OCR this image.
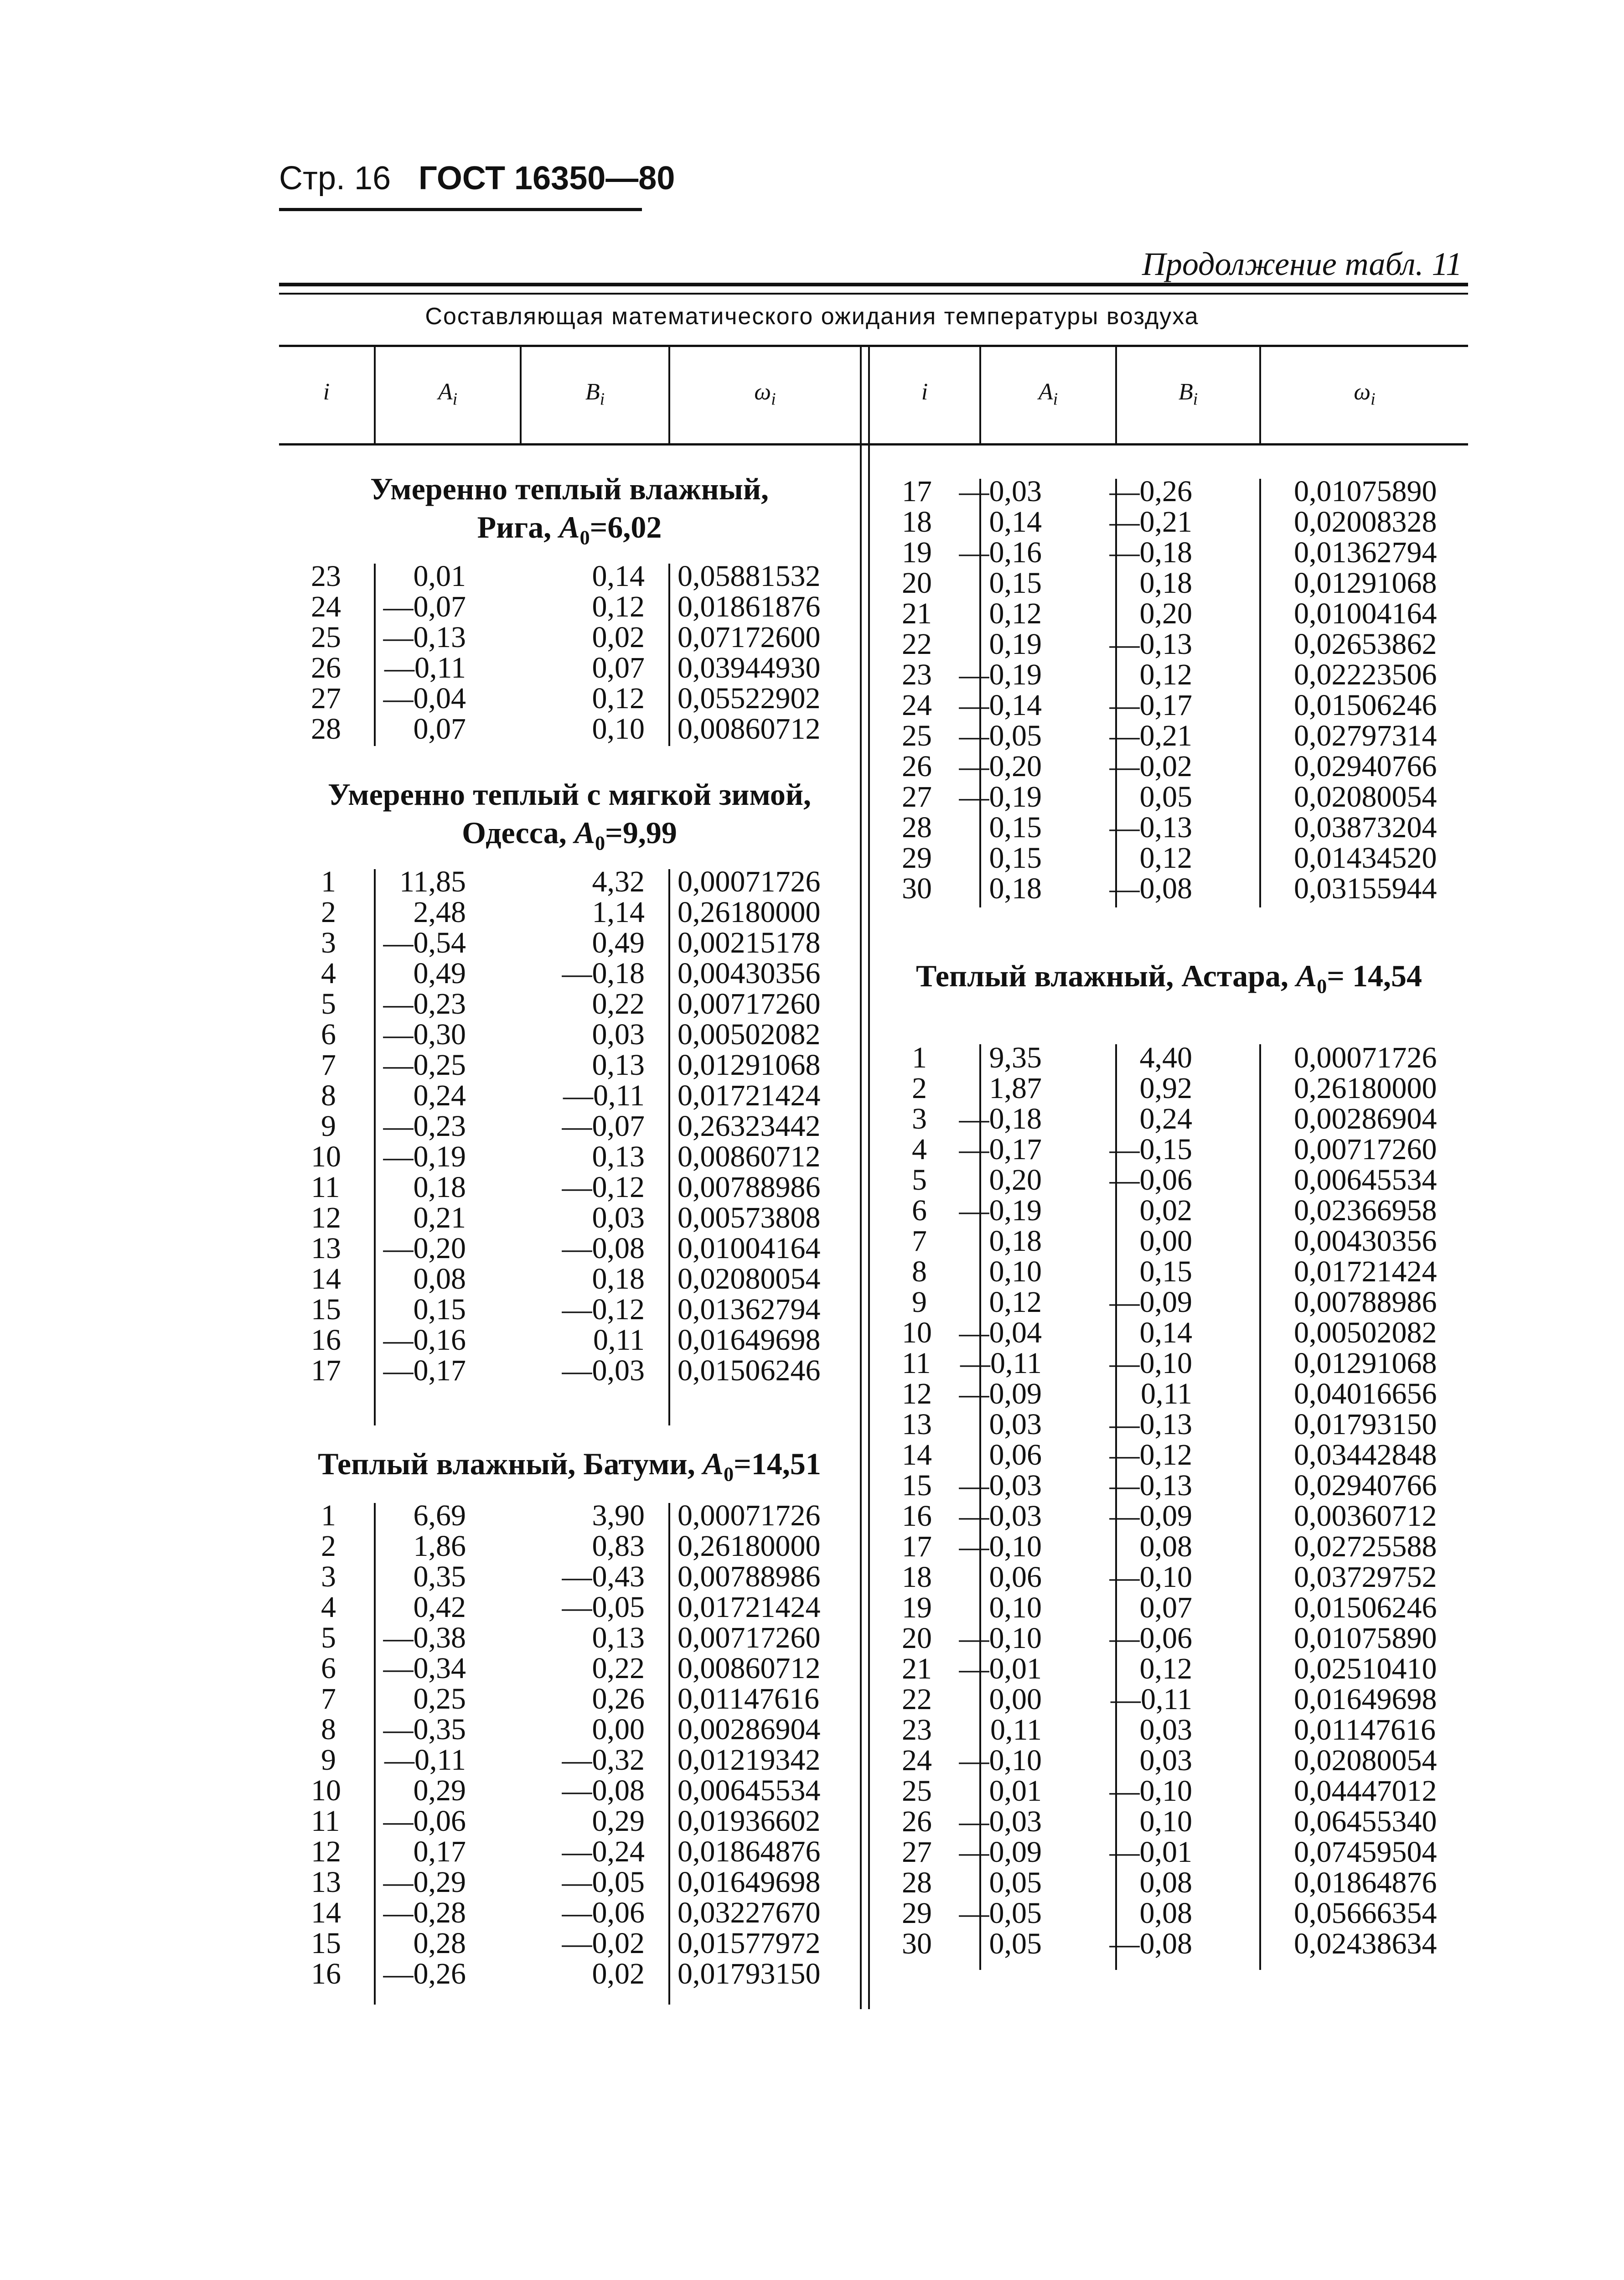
Стр. 16 ГОСТ 16350—80
Продолжение табл. 11
Составляющая математического ожидания температуры воздуха
i	$A_i$	$B_i$	$\omega_i$	i	$A_i$	$B_i$	$\omega_i$
Умеренно теплый влажный,
Рига, $A_0=6,02$
23 0,01	0,14 0,05881532
24 —0,07	0,12 0,01861876
25 —0,13	0,02 0,07172600
26 —0,11	0,07 0,03944930
27 —0,04	0,12 0,05522902
28 0,07	0,10 0,00860712
Умеренно теплый с мягкой зимой,
Одесса, $A_0=9,99$
1 11,85	4,32 0,00071726
2	2,48	1,14 0,26180000
3 —0,54	0,49 0,00215178
4	0,49	—0,18 0,00430356
5 —0,23	0,22 0,00717260
6 —0,30	0,03 0,00502082
7 —0,25	0,13 0,01291068
8	0,24	—0,11 0,01721424
9 —0,23	—0,07 0,26323442
10 —0,19	0,13 0,00860712
11 0,18	—0,12 0,00788986
12 0,21	0,03 0,00573808
13 —0,20	—0,08 0,01004164
14 0,08	0,18 0,02080054
15 0,15	—0,12 0,01362794
16 —0,16	0,11 0,01649698
17 —0,17	—0,03 0,01506246
Теплый влажный, Батуми, $A_0=14,51$
1	6,69	3,90 0,00071726
2	1,86	0,83 0,26180000
3	0,35	—0,43 0,00788986
4	0,42	—0,05 0,01721424
5 —0,38	0,13 0,00717260
6 —0,34	0,22 0,00860712
7	0,25	0,26 0,01147616
8 —0,35	0,00 0,00286904
9 —0,11	—0,32 0,01219342
10 0,29	—0,08 0,00645534
11 —0,06	0,29 0,01936602
12 0,17	—0,24 0,01864876
13 —0,29	—0,05 0,01649698
14 —0,28	—0,06 0,03227670
15 0,28	—0,02 0,01577972
16 —0,26	0,02 0,01793150
17 —0,03 —0,26	0,01075890
18 0,14 —0,21	0,02008328
19 —0,16 —0,18	0,01362794
20 0,15	0,18	0,01291068
21 0,12	0,20	0,01004164
22 0,19 —0,13	0,02653862
23 —0,19	0,12	0,02223506
24 —0,14 —0,17	0,01506246
25 —0,05 —0,21	0,02797314
26 —0,20 —0,02	0,02940766
27 —0,19	0,05	0,02080054
28 0,15 —0,13	0,03873204
29 0,15	0,12	0,01434520
30 0,18 —0,08	0,03155944
Теплый влажный, Астара, $A_0= 14,54$
1 9,35	4,40	0,00071726
2 1,87	0,92	0,26180000
3 —0,18	0,24	0,00286904
4 —0,17 —0,15	0,00717260
5 0,20 —0,06	0,00645534
6 —0,19	0,02	0,02366958
7 0,18	0,00	0,00430356
8 0,10	0,15	0,01721424
9 0,12 —0,09	0,00788986
10 —0,04	0,14	0,00502082
11 —0,11 —0,10	0,01291068
12 —0,09	0,11	0,04016656
13 0,03 —0,13	0,01793150
14 0,06 —0,12	0,03442848
15 —0,03 —0,13	0,02940766
16 —0,03 —0,09	0,00360712
17 —0,10	0,08	0,02725588
18 0,06 —0,10	0,03729752
19 0,10	0,07	0,01506246
20 —0,10 —0,06	0,01075890
21 —0,01	0,12	0,02510410
22 0,00 —0,11	0,01649698
23 0,11	0,03	0,01147616
24 —0,10	0,03	0,02080054
25 0,01 —0,10	0,04447012
26 —0,03	0,10	0,06455340
27 —0,09 —0,01	0,07459504
28 0,05	0,08	0,01864876
29 —0,05	0,08	0,05666354
30 0,05 —0,08	0,02438634
